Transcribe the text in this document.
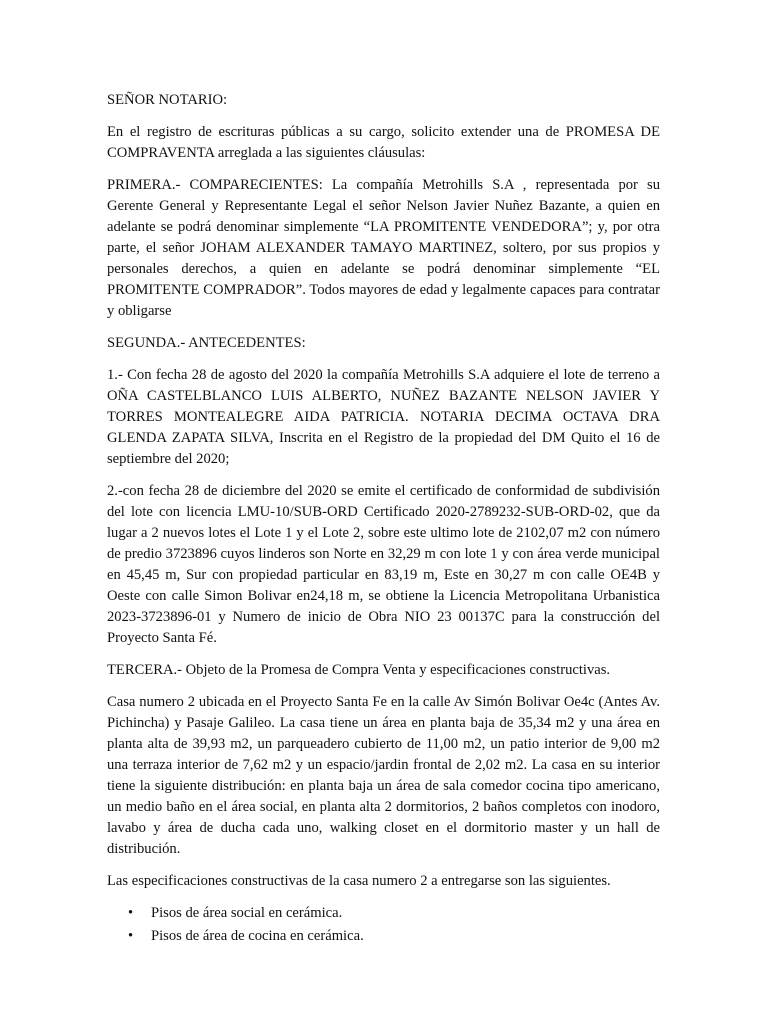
SEÑOR NOTARIO:

En el registro de escrituras públicas a su cargo, solicito extender una de PROMESA DE COMPRAVENTA arreglada a las siguientes cláusulas:

PRIMERA.- COMPARECIENTES: La compañía Metrohills S.A , representada por su Gerente General y Representante Legal el señor Nelson Javier Nuñez Bazante, a quien en adelante se podrá denominar simplemente “LA PROMITENTE VENDEDORA”; y, por otra parte, el señor JOHAM ALEXANDER TAMAYO MARTINEZ, soltero, por sus propios y personales derechos, a quien en adelante se podrá denominar simplemente “EL PROMITENTE COMPRADOR”. Todos mayores de edad y legalmente capaces para contratar y obligarse

SEGUNDA.- ANTECEDENTES:

1.- Con fecha 28 de agosto del 2020 la compañía Metrohills S.A adquiere el lote de terreno a OÑA CASTELBLANCO LUIS ALBERTO, NUÑEZ BAZANTE NELSON JAVIER Y TORRES MONTEALEGRE AIDA PATRICIA. NOTARIA DECIMA OCTAVA DRA GLENDA ZAPATA SILVA, Inscrita en el Registro de la propiedad del DM Quito el 16 de septiembre del 2020;

2.-con fecha 28 de diciembre del 2020 se emite el certificado de conformidad de subdivisión del lote con licencia LMU-10/SUB-ORD Certificado 2020-2789232-SUB-ORD-02, que da lugar a 2 nuevos lotes el Lote 1 y el Lote 2, sobre este ultimo lote de 2102,07 m2 con número de predio 3723896 cuyos linderos son Norte en 32,29 m con lote 1 y con área verde municipal en 45,45 m, Sur con propiedad particular en 83,19 m, Este en 30,27 m con calle OE4B y Oeste con calle Simon Bolivar en24,18 m, se obtiene la Licencia Metropolitana Urbanistica 2023-3723896-01 y Numero de inicio de Obra NIO 23 00137C para la construcción del Proyecto Santa Fé.

TERCERA.- Objeto de la Promesa de Compra Venta y especificaciones constructivas.

Casa numero 2 ubicada en el Proyecto Santa Fe en la calle Av Simón Bolivar Oe4c (Antes Av. Pichincha) y Pasaje Galileo. La casa tiene un área en planta baja de 35,34 m2 y una área en planta alta de 39,93 m2, un parqueadero cubierto de 11,00 m2, un patio interior de 9,00 m2 una terraza interior de 7,62 m2 y un espacio/jardin frontal de 2,02 m2. La casa en su interior tiene la siguiente distribución: en planta baja un área de sala comedor cocina tipo americano, un medio baño en el área social, en planta alta 2 dormitorios, 2 baños completos con inodoro, lavabo y área de ducha cada uno, walking closet en el dormitorio master y un hall de distribución.

Las especificaciones constructivas de la casa numero 2 a entregarse son las siguientes.

• Pisos de área social en cerámica.
• Pisos de área de cocina en cerámica.
